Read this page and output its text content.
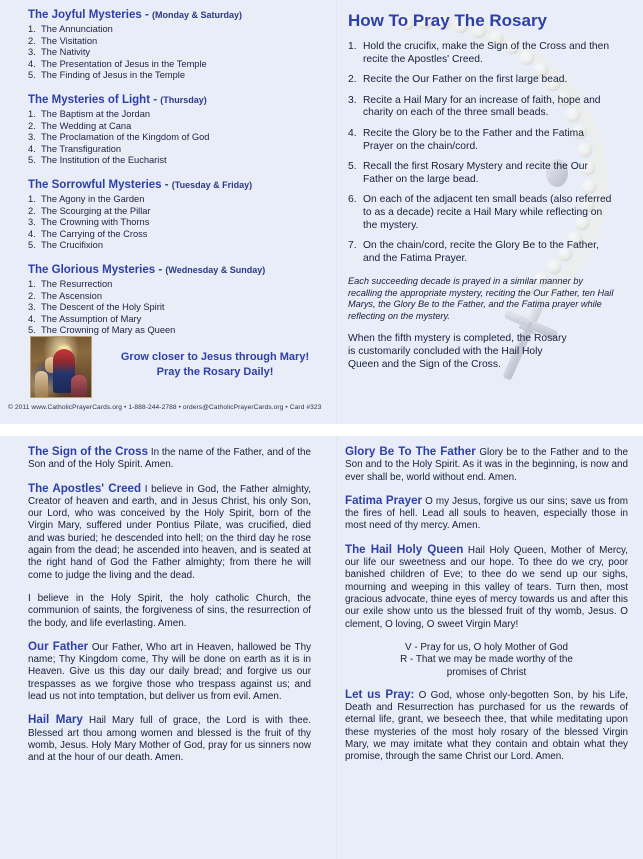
The Joyful Mysteries - (Monday & Saturday)
1. The Annunciation
2. The Visitation
3. The Nativity
4. The Presentation of Jesus in the Temple
5. The Finding of Jesus in the Temple
The Mysteries of Light - (Thursday)
1. The Baptism at the Jordan
2. The Wedding at Cana
3. The Proclamation of the Kingdom of God
4. The Transfiguration
5. The Institution of the Eucharist
The Sorrowful Mysteries - (Tuesday & Friday)
1. The Agony in the Garden
2. The Scourging at the Pillar
3. The Crowning with Thorns
4. The Carrying of the Cross
5. The Crucifixion
The Glorious Mysteries - (Wednesday & Sunday)
1. The Resurrection
2. The Ascension
3. The Descent of the Holy Spirit
4. The Assumption of Mary
5. The Crowning of Mary as Queen
Grow closer to Jesus through Mary!
Pray the Rosary Daily!
© 2011 www.CatholicPrayerCards.org • 1-888-244-2788 • orders@CatholicPrayerCards.org • Card #323
How To Pray The Rosary
1. Hold the crucifix, make the Sign of the Cross and then recite the Apostles' Creed.
2. Recite the Our Father on the first large bead.
3. Recite a Hail Mary for an increase of faith, hope and charity on each of the three small beads.
4. Recite the Glory be to the Father and the Fatima Prayer on the chain/cord.
5. Recall the first Rosary Mystery and recite the Our Father on the large bead.
6. On each of the adjacent ten small beads (also referred to as a decade) recite a Hail Mary while reflecting on the mystery.
7. On the chain/cord, recite the Glory Be to the Father, and the Fatima Prayer.
Each succeeding decade is prayed in a similar manner by recalling the appropriate mystery, reciting the Our Father, ten Hail Marys, the Glory Be to the Father, and the Fatima prayer while reflecting on the mystery.
When the fifth mystery is completed, the Rosary is customarily concluded with the Hail Holy Queen and the Sign of the Cross.
The Sign of the Cross In the name of the Father, and of the Son and of the Holy Spirit. Amen.
The Apostles' Creed I believe in God, the Father almighty, Creator of heaven and earth, and in Jesus Christ, his only Son, our Lord, who was conceived by the Holy Spirit, born of the Virgin Mary, suffered under Pontius Pilate, was crucified, died and was buried; he descended into hell; on the third day he rose again from the dead; he ascended into heaven, and is seated at the right hand of God the Father almighty; from there he will come to judge the living and the dead.
I believe in the Holy Spirit, the holy catholic Church, the communion of saints, the forgiveness of sins, the resurrection of the body, and life everlasting. Amen.
Our Father Our Father, Who art in Heaven, hallowed be Thy name; Thy Kingdom come, Thy will be done on earth as it is in Heaven. Give us this day our daily bread; and forgive us our trespasses as we forgive those who trespass against us; and lead us not into temptation, but deliver us from evil. Amen.
Hail Mary Hail Mary full of grace, the Lord is with thee. Blessed art thou among women and blessed is the fruit of thy womb, Jesus. Holy Mary Mother of God, pray for us sinners now and at the hour of our death. Amen.
Glory Be To The Father Glory be to the Father and to the Son and to the Holy Spirit. As it was in the beginning, is now and ever shall be, world without end. Amen.
Fatima Prayer O my Jesus, forgive us our sins; save us from the fires of hell. Lead all souls to heaven, especially those in most need of thy mercy. Amen.
The Hail Holy Queen Hail Holy Queen, Mother of Mercy, our life our sweetness and our hope. To thee do we cry, poor banished children of Eve; to thee do we send up our sighs, mourning and weeping in this valley of tears. Turn then, most gracious advocate, thine eyes of mercy towards us and after this our exile show unto us the blessed fruit of thy womb, Jesus. O clement, O loving, O sweet Virgin Mary!
V - Pray for us, O holy Mother of God
R - That we may be made worthy of the
promises of Christ
Let us Pray: O God, whose only-begotten Son, by his Life, Death and Resurrection has purchased for us the rewards of eternal life, grant, we beseech thee, that while meditating upon these mysteries of the most holy rosary of the blessed Virgin Mary, we may imitate what they contain and obtain what they promise, through the same Christ our Lord. Amen.
